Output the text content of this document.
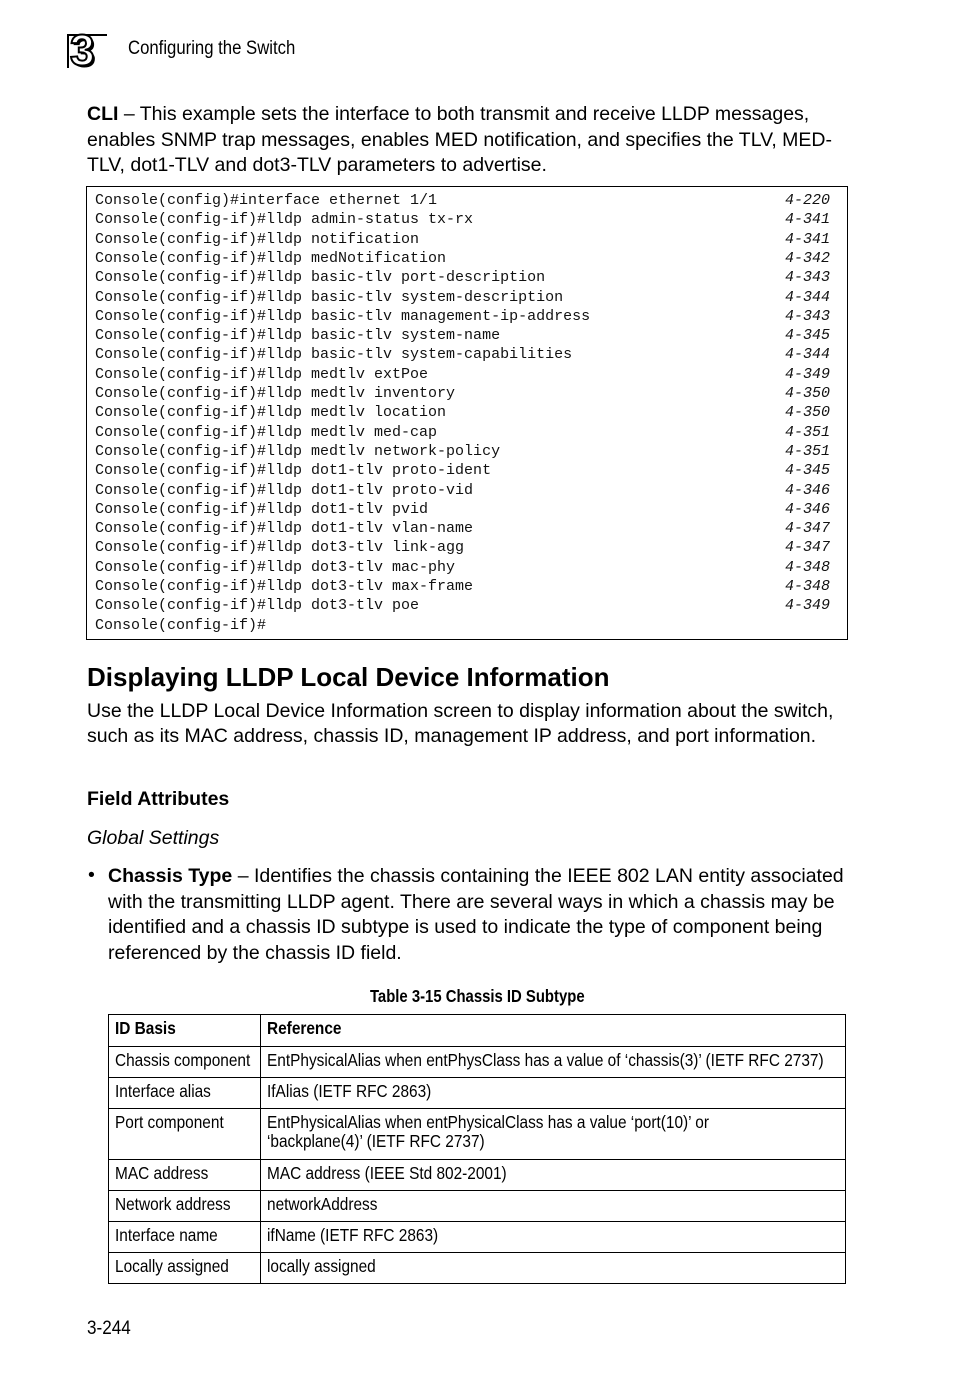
3 Configuring the Switch
CLI – This example sets the interface to both transmit and receive LLDP messages, enables SNMP trap messages, enables MED notification, and specifies the TLV, MED-TLV, dot1-TLV and dot3-TLV parameters to advertise.
Console(config)#interface ethernet 1/1	4-220
Console(config-if)#lldp admin-status tx-rx	4-341
Console(config-if)#lldp notification	4-341
Console(config-if)#lldp medNotification	4-342
Console(config-if)#lldp basic-tlv port-description	4-343
Console(config-if)#lldp basic-tlv system-description	4-344
Console(config-if)#lldp basic-tlv management-ip-address	4-343
Console(config-if)#lldp basic-tlv system-name	4-345
Console(config-if)#lldp basic-tlv system-capabilities	4-344
Console(config-if)#lldp medtlv extPoe	4-349
Console(config-if)#lldp medtlv inventory	4-350
Console(config-if)#lldp medtlv location	4-350
Console(config-if)#lldp medtlv med-cap	4-351
Console(config-if)#lldp medtlv network-policy	4-351
Console(config-if)#lldp dot1-tlv proto-ident	4-345
Console(config-if)#lldp dot1-tlv proto-vid	4-346
Console(config-if)#lldp dot1-tlv pvid	4-346
Console(config-if)#lldp dot1-tlv vlan-name	4-347
Console(config-if)#lldp dot3-tlv link-agg	4-347
Console(config-if)#lldp dot3-tlv mac-phy	4-348
Console(config-if)#lldp dot3-tlv max-frame	4-348
Console(config-if)#lldp dot3-tlv poe	4-349
Console(config-if)#
Displaying LLDP Local Device Information
Use the LLDP Local Device Information screen to display information about the switch, such as its MAC address, chassis ID, management IP address, and port information.
Field Attributes
Global Settings
• Chassis Type – Identifies the chassis containing the IEEE 802 LAN entity associated with the transmitting LLDP agent. There are several ways in which a chassis may be identified and a chassis ID subtype is used to indicate the type of component being referenced by the chassis ID field.
Table 3-15 Chassis ID Subtype
ID Basis	Reference
Chassis component	EntPhysicalAlias when entPhysClass has a value of ‘chassis(3)’ (IETF RFC 2737)
Interface alias	IfAlias (IETF RFC 2863)
Port component	EntPhysicalAlias when entPhysicalClass has a value ‘port(10)’ or ‘backplane(4)’ (IETF RFC 2737)
MAC address	MAC address (IEEE Std 802-2001)
Network address	networkAddress
Interface name	ifName (IETF RFC 2863)
Locally assigned	locally assigned
3-244
